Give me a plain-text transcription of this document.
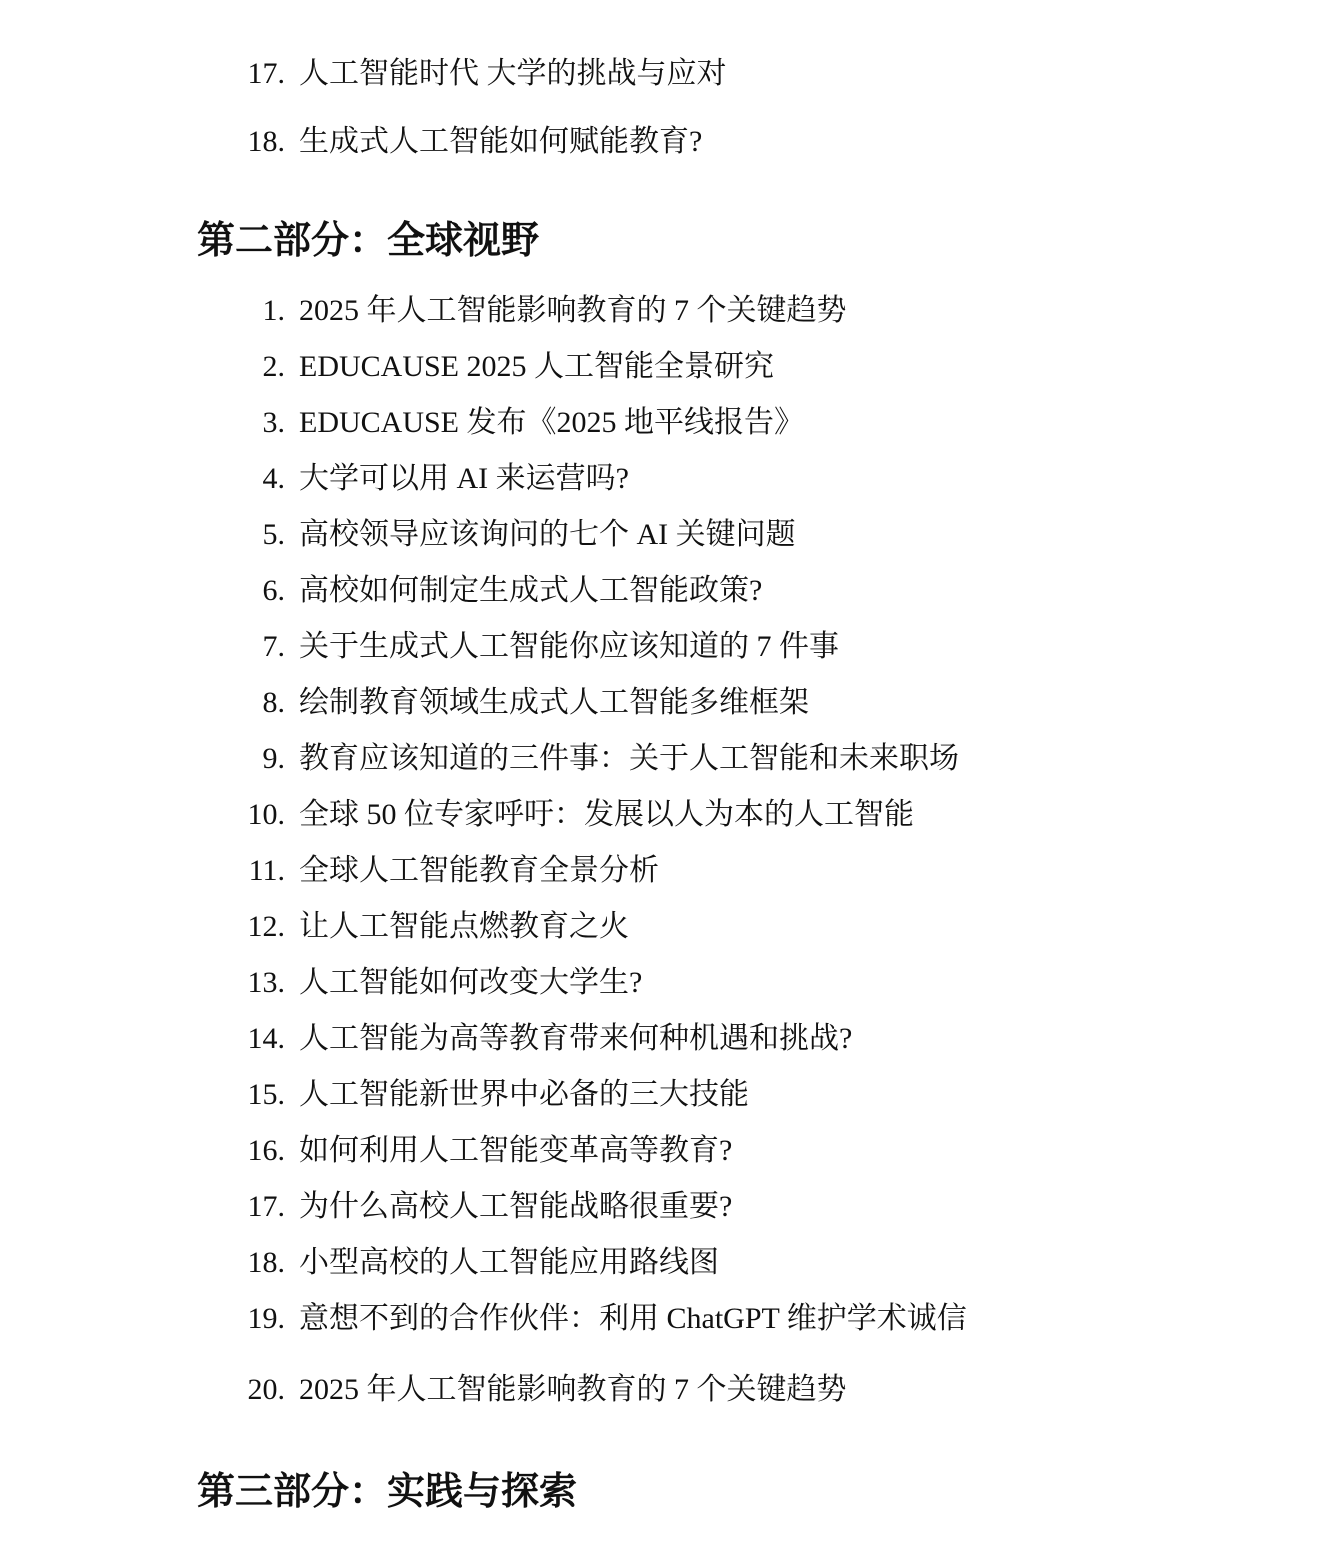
17. 人工智能时代 大学的挑战与应对
18. 生成式人工智能如何赋能教育?
第二部分：全球视野
1. 2025 年人工智能影响教育的 7 个关键趋势
2. EDUCAUSE 2025 人工智能全景研究
3. EDUCAUSE 发布《2025 地平线报告》
4. 大学可以用 AI 来运营吗?
5. 高校领导应该询问的七个 AI 关键问题
6. 高校如何制定生成式人工智能政策?
7. 关于生成式人工智能你应该知道的 7 件事
8. 绘制教育领域生成式人工智能多维框架
9. 教育应该知道的三件事：关于人工智能和未来职场
10. 全球 50 位专家呼吁：发展以人为本的人工智能
11. 全球人工智能教育全景分析
12. 让人工智能点燃教育之火
13. 人工智能如何改变大学生?
14. 人工智能为高等教育带来何种机遇和挑战?
15. 人工智能新世界中必备的三大技能
16. 如何利用人工智能变革高等教育?
17. 为什么高校人工智能战略很重要?
18. 小型高校的人工智能应用路线图
19. 意想不到的合作伙伴：利用 ChatGPT 维护学术诚信
20. 2025 年人工智能影响教育的 7 个关键趋势
第三部分：实践与探索
